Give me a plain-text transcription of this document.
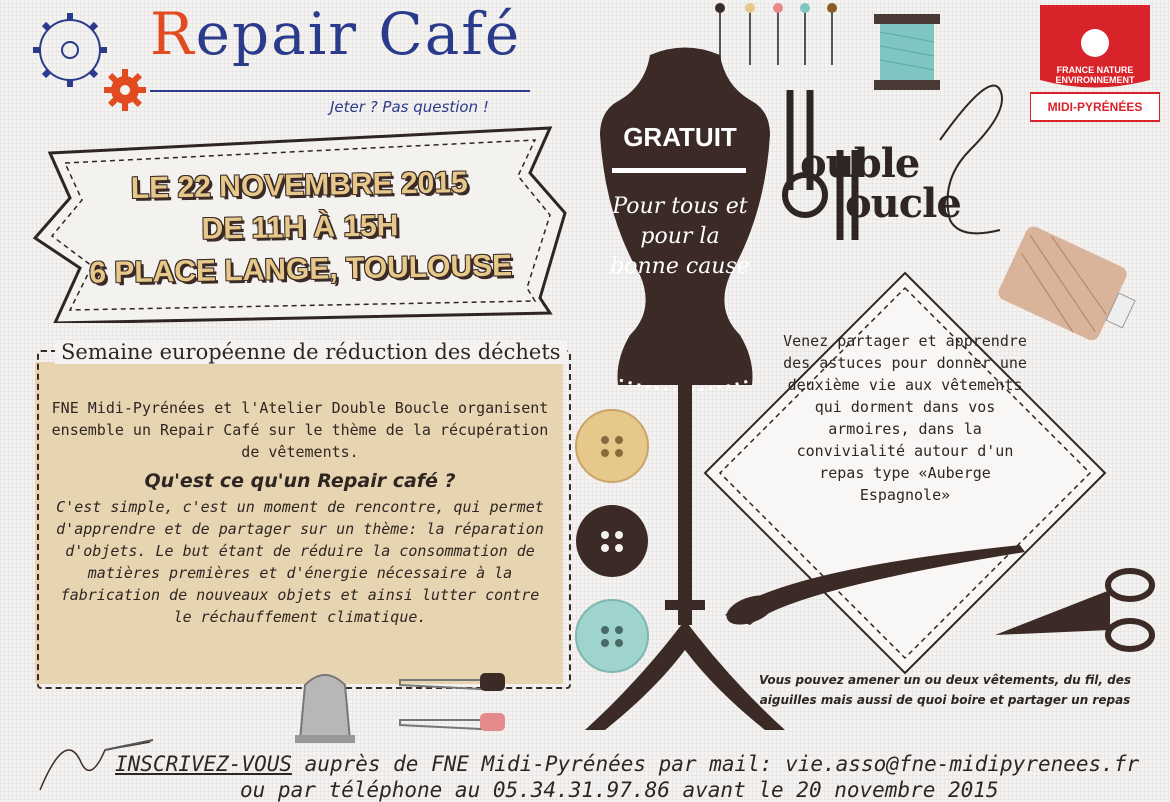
Repair Café
Jeter ? Pas question !
LE 22 NOVEMBRE 2015
DE 11H À 15H
6 PLACE LANGE, TOULOUSE
Semaine européenne de réduction des déchets
FNE Midi-Pyrénées et l'Atelier Double Boucle organisent ensemble un Repair Café sur le thème de la récupération de vêtements.
Qu'est ce qu'un Repair café ?
C'est simple, c'est un moment de rencontre, qui permet d'apprendre et de partager sur un thème: la réparation d'objets. Le but étant de réduire la consommation de matières premières et d'énergie nécessaire à la fabrication de nouveaux objets et ainsi lutter contre le réchauffement climatique.
GRATUIT
Pour tous et pour la bonne cause
ouble
oucle
FRANCE NATURE ENVIRONNEMENT
MIDI-PYRÉNÉES
Venez partager et apprendre des astuces pour donner une deuxième vie aux vêtements qui dorment dans vos armoires, dans la convivialité autour d'un repas type «Auberge Espagnole»
Vous pouvez amener un ou deux vêtements, du fil, des aiguilles mais aussi de quoi boire et partager un repas
INSCRIVEZ-VOUS auprès de FNE Midi-Pyrénées par mail: vie.asso@fne-midipyrenees.fr
ou par téléphone au 05.34.31.97.86 avant le 20 novembre 2015
